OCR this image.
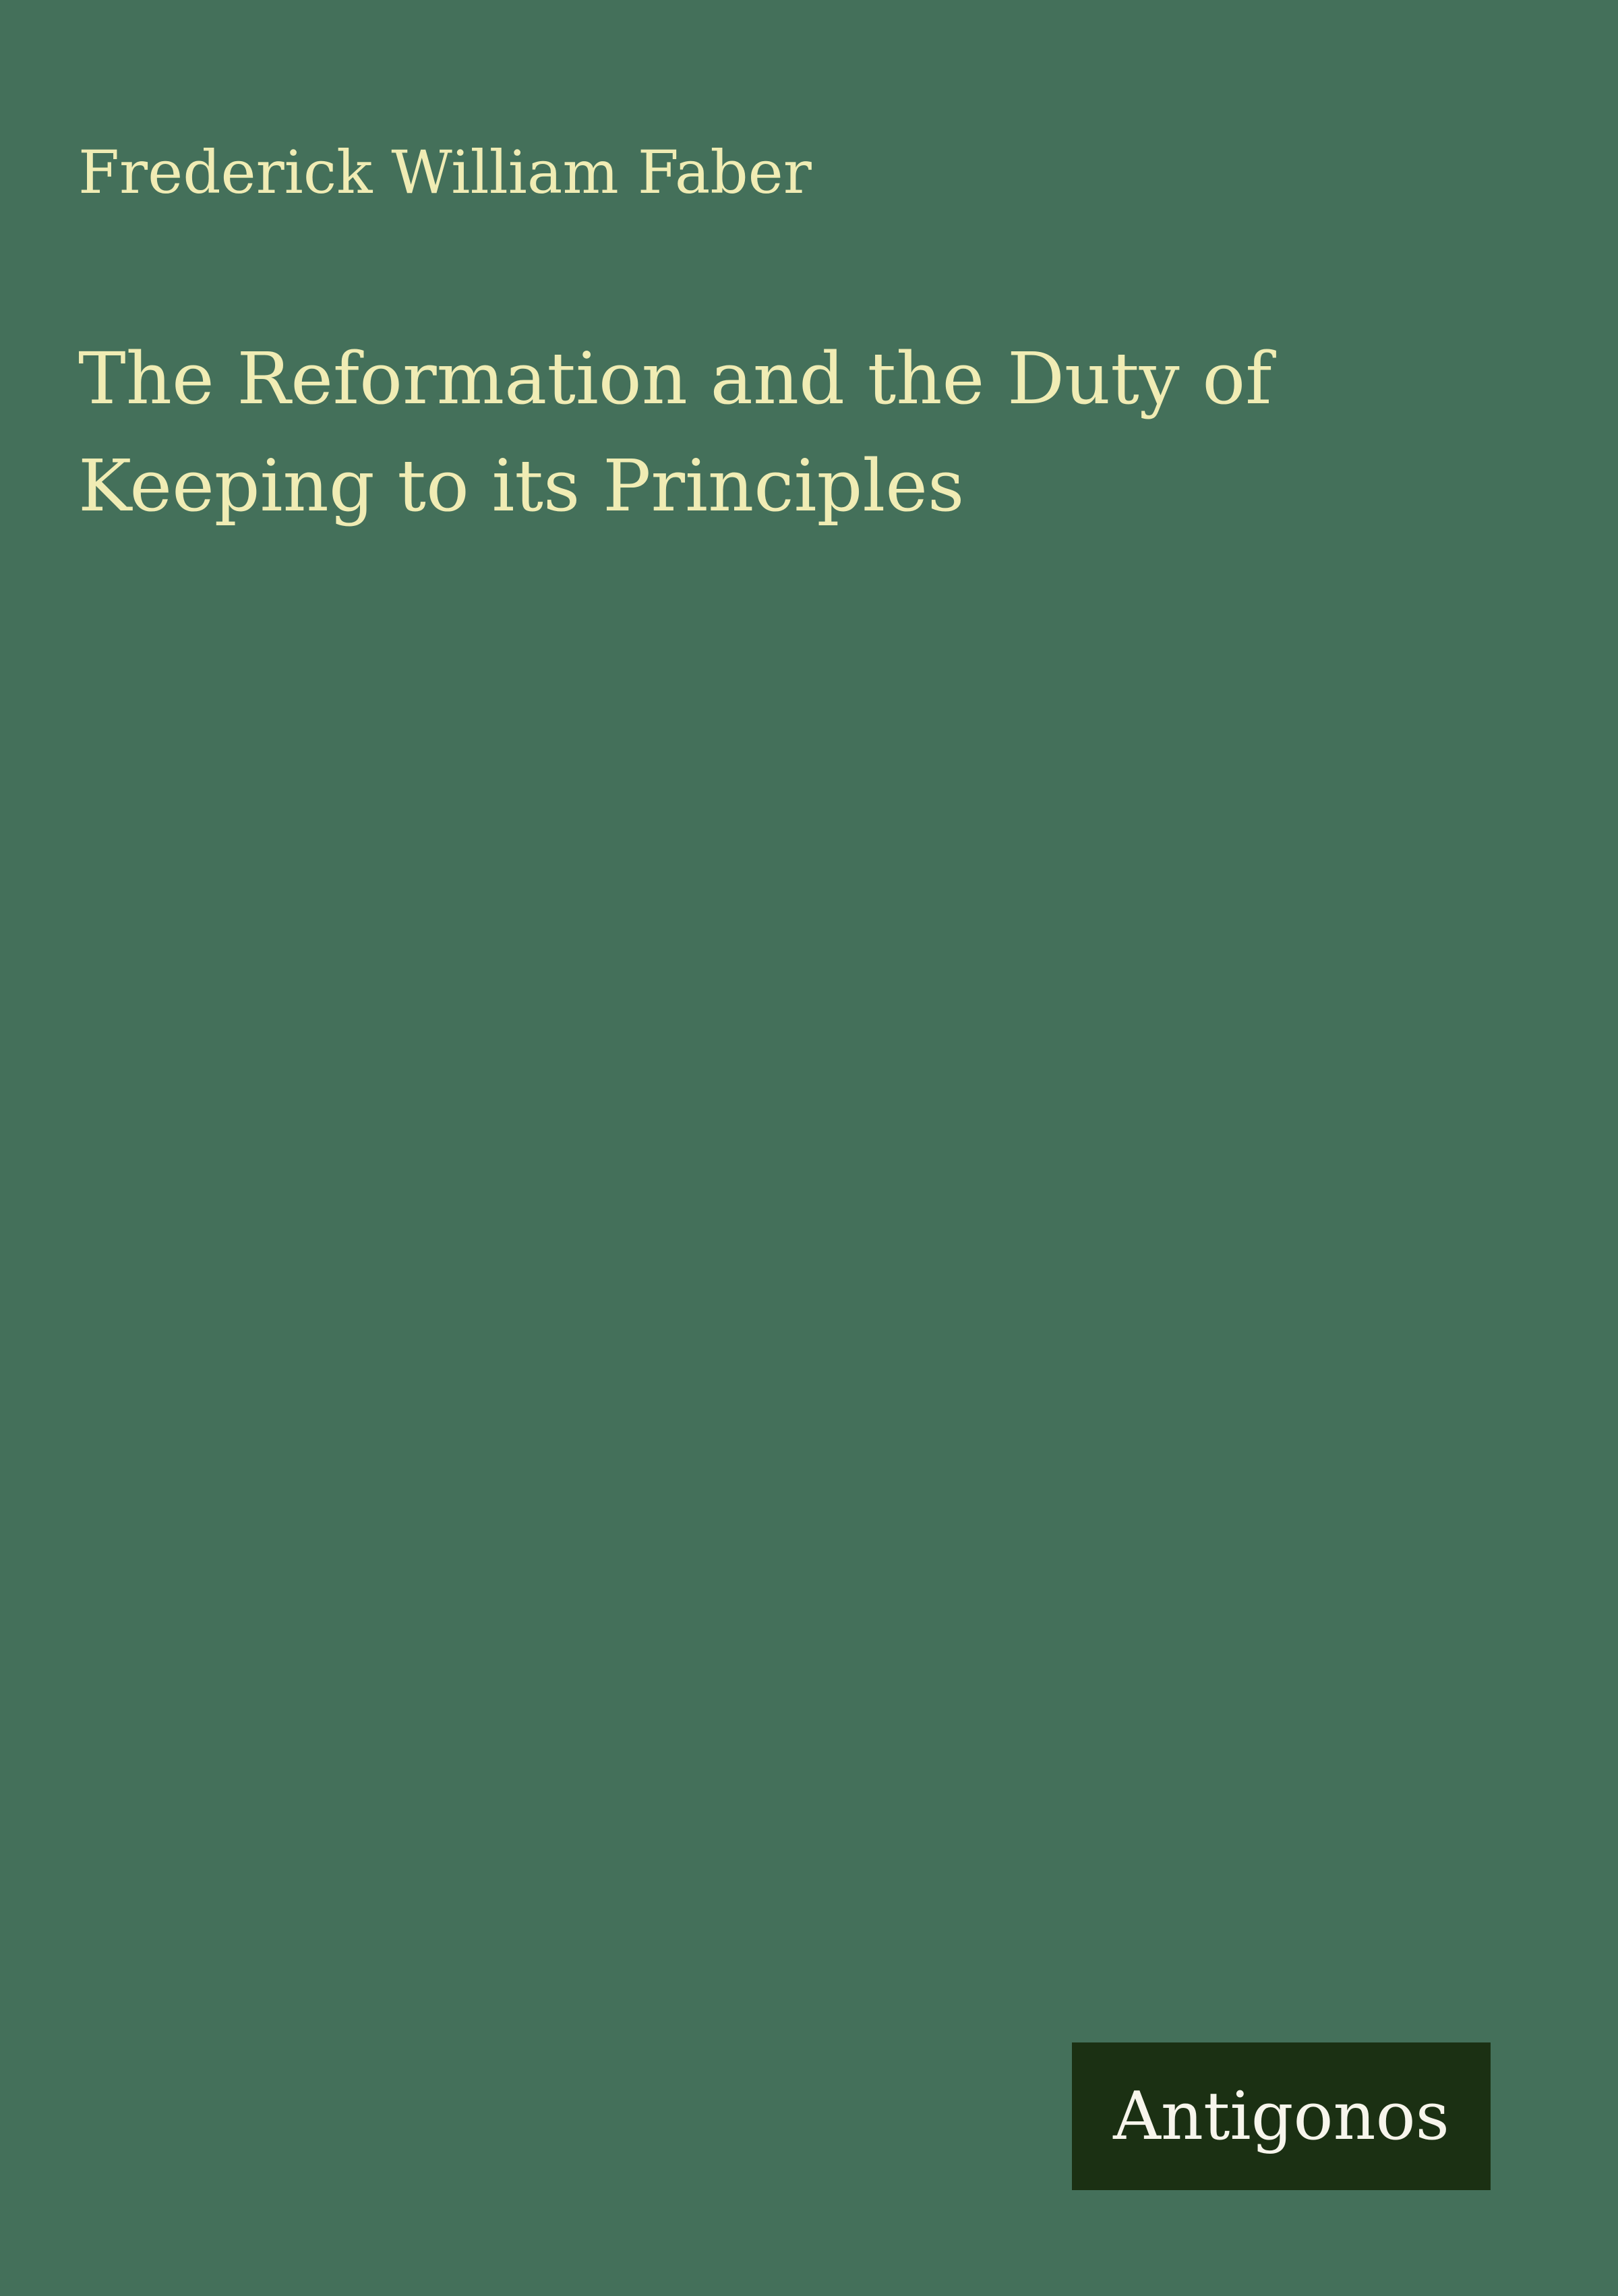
Frederick William Faber
The Reformation and the Duty of
Keeping to its Principles
Antigonos
